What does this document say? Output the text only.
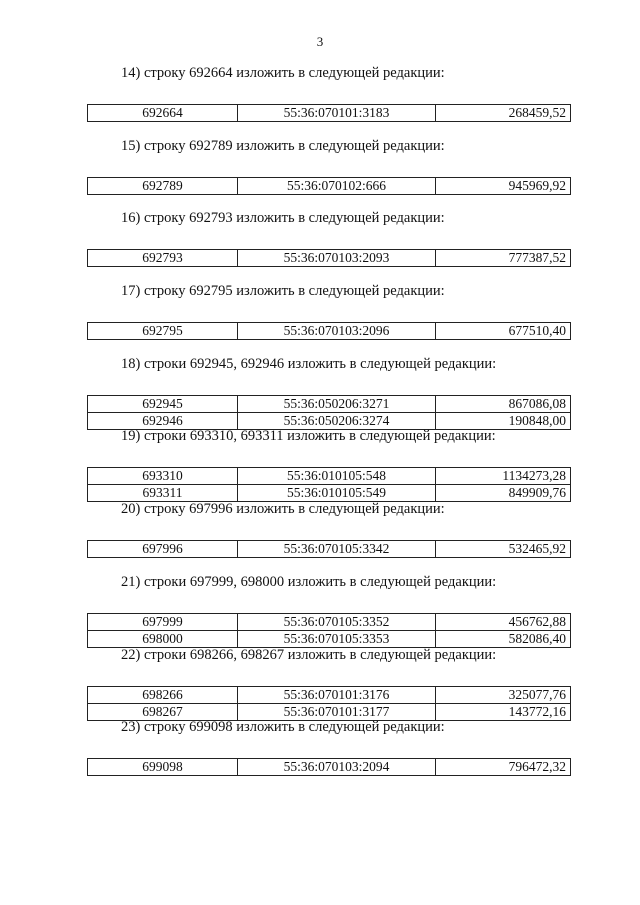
3
14) строку 692664 изложить в следующей редакции:
692664	55:36:070101:3183	268459,52
15) строку 692789 изложить в следующей редакции:
692789	55:36:070102:666	945969,92
16) строку 692793 изложить в следующей редакции:
692793	55:36:070103:2093	777387,52
17) строку 692795 изложить в следующей редакции:
692795	55:36:070103:2096	677510,40
18) строки 692945, 692946 изложить в следующей редакции:
692945	55:36:050206:3271	867086,08
692946	55:36:050206:3274	190848,00
19) строки 693310, 693311 изложить в следующей редакции:
693310	55:36:010105:548	1134273,28
693311	55:36:010105:549	849909,76
20) строку 697996 изложить в следующей редакции:
697996	55:36:070105:3342	532465,92
21) строки 697999, 698000 изложить в следующей редакции:
697999	55:36:070105:3352	456762,88
698000	55:36:070105:3353	582086,40
22) строки 698266, 698267 изложить в следующей редакции:
698266	55:36:070101:3176	325077,76
698267	55:36:070101:3177	143772,16
23) строку 699098 изложить в следующей редакции:
699098	55:36:070103:2094	796472,32
